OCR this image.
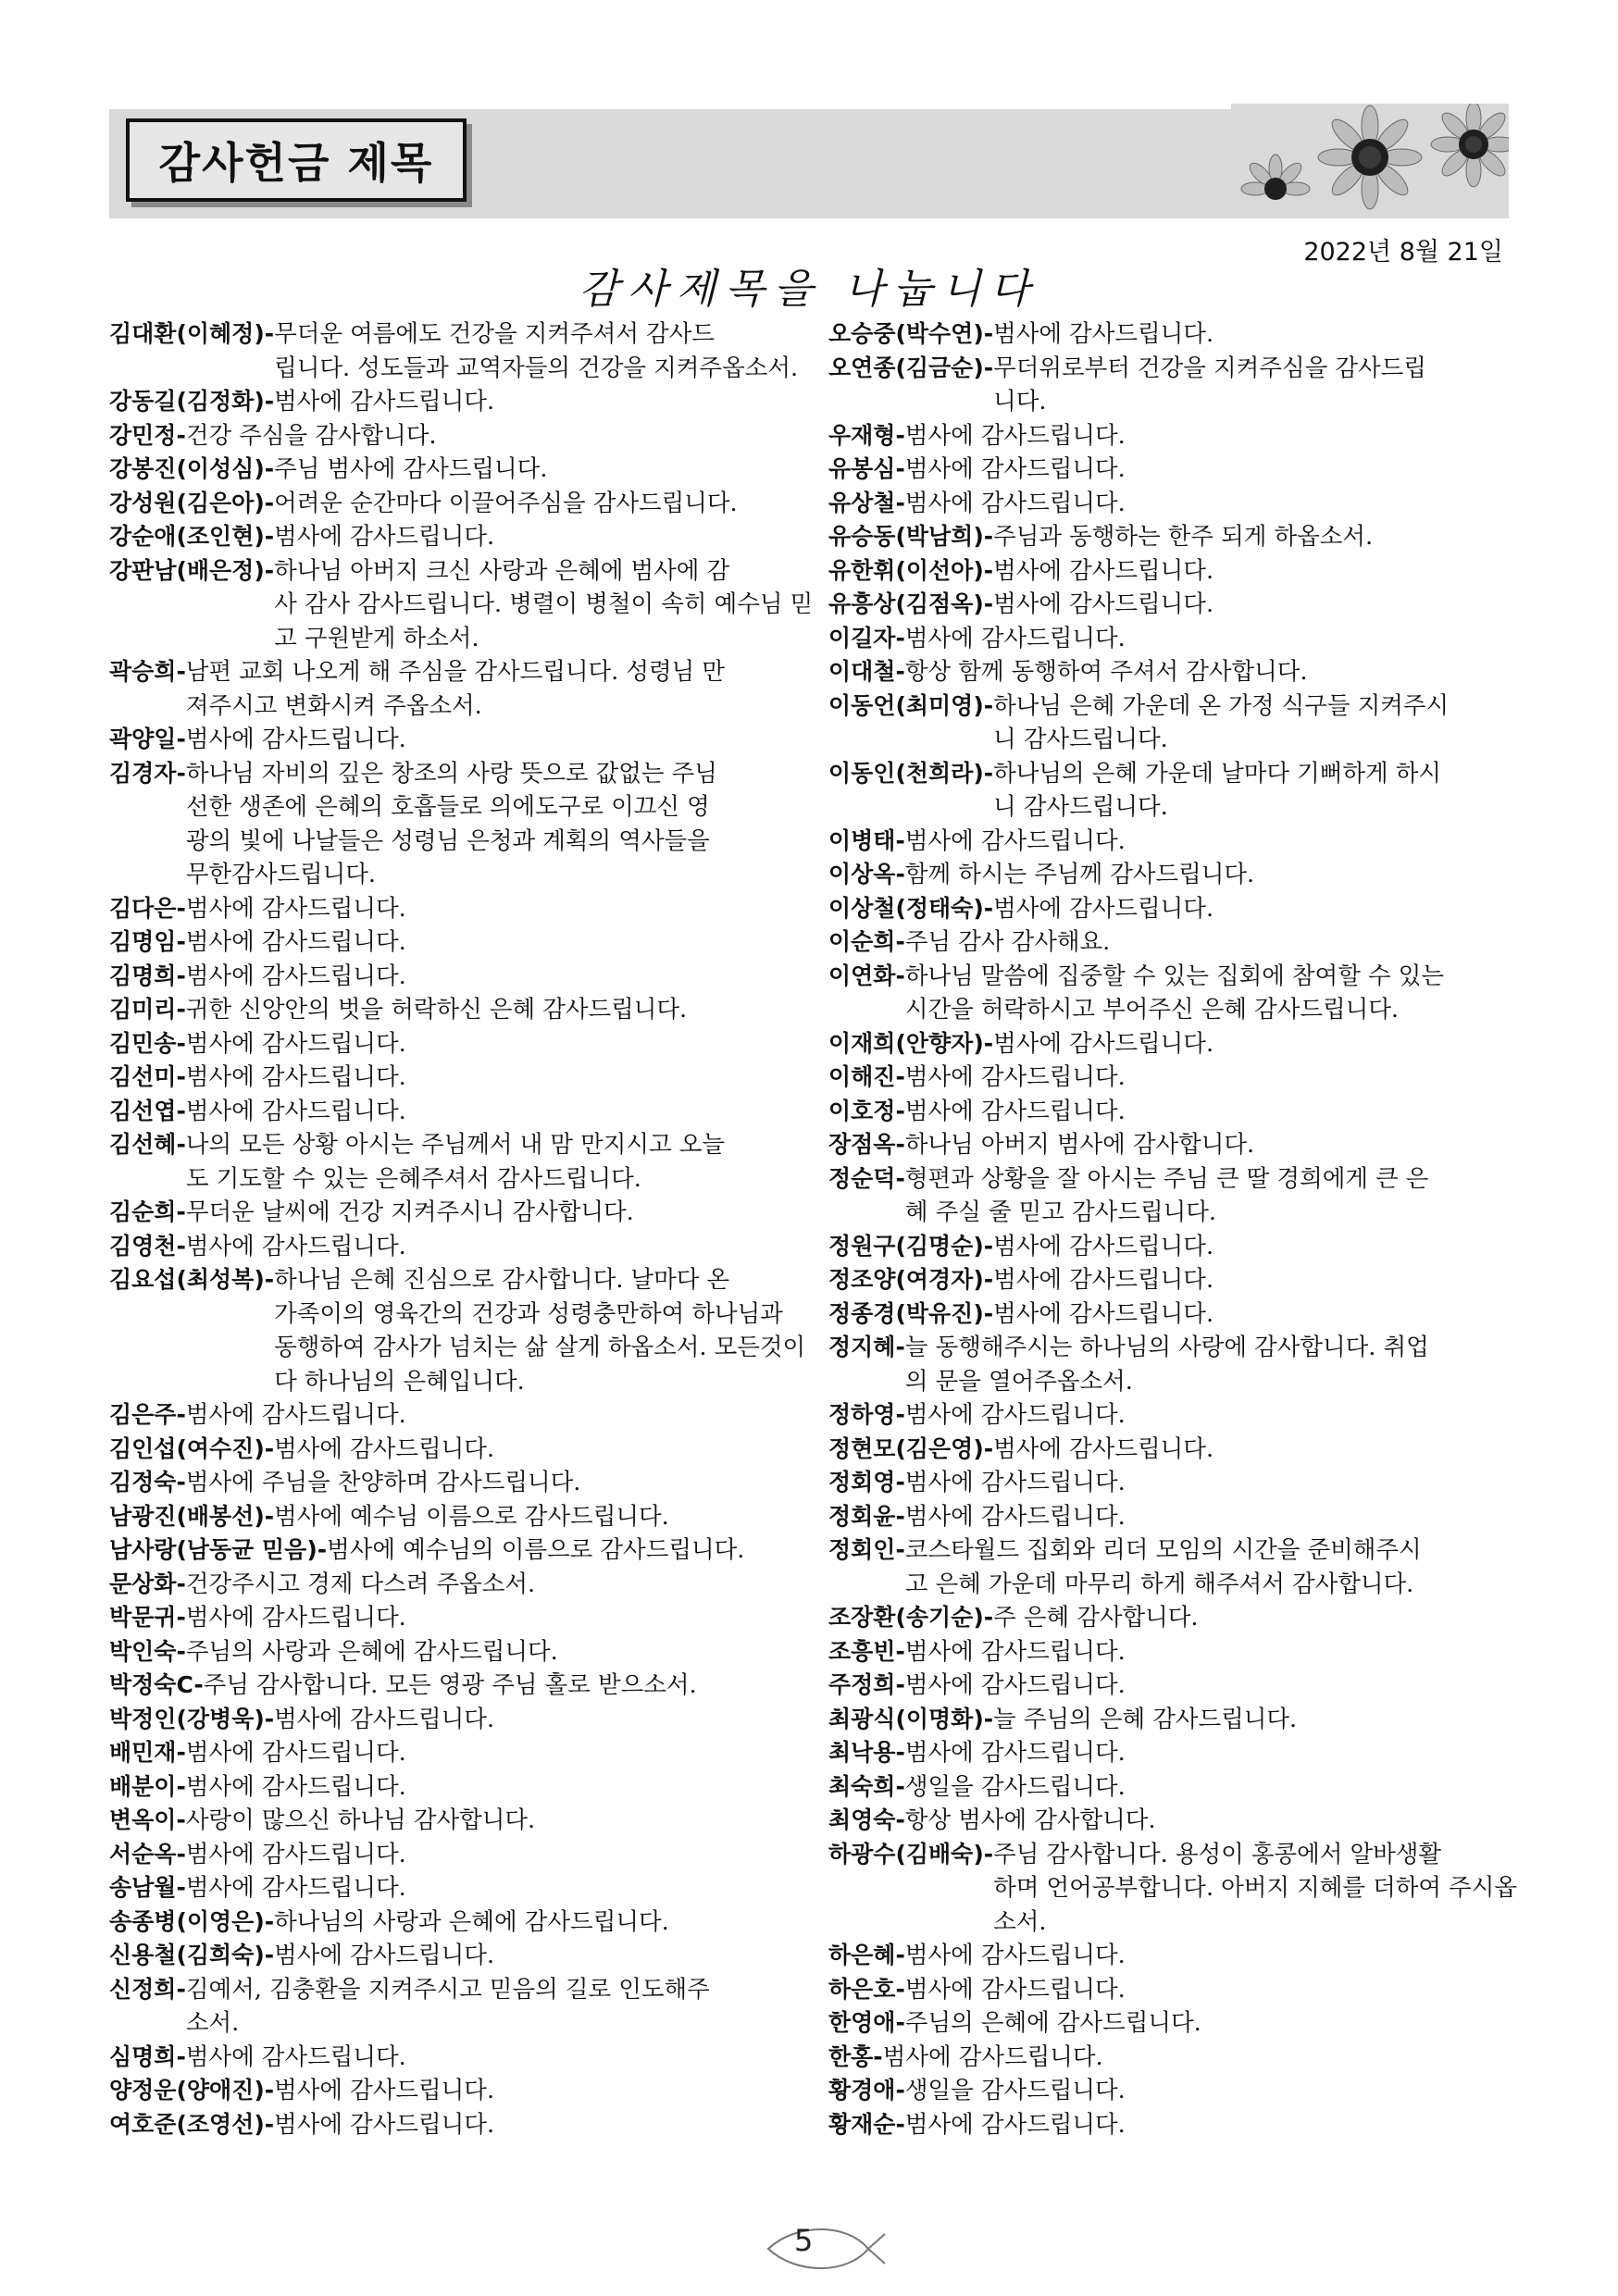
감사헌금 제목
2022년 8월 21일
감사제목을 나눕니다
김대환(이혜정)-무더운 여름에도 건강을 지켜주셔서 감사드
립니다. 성도들과 교역자들의 건강을 지켜주옵소서.
강동길(김정화)-범사에 감사드립니다.
강민정-건강 주심을 감사합니다.
강봉진(이성심)-주님 범사에 감사드립니다.
강성원(김은아)-어려운 순간마다 이끌어주심을 감사드립니다.
강순애(조인현)-범사에 감사드립니다.
강판남(배은정)-하나님 아버지 크신 사랑과 은혜에 범사에 감
사 감사 감사드립니다. 병렬이 병철이 속히 예수님 믿
고 구원받게 하소서.
곽승희-남편 교회 나오게 해 주심을 감사드립니다. 성령님 만
져주시고 변화시켜 주옵소서.
곽양일-범사에 감사드립니다.
김경자-하나님 자비의 깊은 창조의 사랑 뜻으로 값없는 주님
선한 생존에 은혜의 호흡들로 의에도구로 이끄신 영
광의 빛에 나날들은 성령님 은청과 계획의 역사들을
무한감사드립니다.
김다은-범사에 감사드립니다.
김명임-범사에 감사드립니다.
김명희-범사에 감사드립니다.
김미리-귀한 신앙안의 벗을 허락하신 은혜 감사드립니다.
김민송-범사에 감사드립니다.
김선미-범사에 감사드립니다.
김선엽-범사에 감사드립니다.
김선혜-나의 모든 상황 아시는 주님께서 내 맘 만지시고 오늘
도 기도할 수 있는 은혜주셔서 감사드립니다.
김순희-무더운 날씨에 건강 지켜주시니 감사합니다.
김영천-범사에 감사드립니다.
김요섭(최성복)-하나님 은혜 진심으로 감사합니다. 날마다 온
가족이의 영육간의 건강과 성령충만하여 하나님과
동행하여 감사가 넘치는 삶 살게 하옵소서. 모든것이
다 하나님의 은혜입니다.
김은주-범사에 감사드립니다.
김인섭(여수진)-범사에 감사드립니다.
김정숙-범사에 주님을 찬양하며 감사드립니다.
남광진(배봉선)-범사에 예수님 이름으로 감사드립니다.
남사랑(남동균 믿음)-범사에 예수님의 이름으로 감사드립니다.
문상화-건강주시고 경제 다스려 주옵소서.
박문귀-범사에 감사드립니다.
박인숙-주님의 사랑과 은혜에 감사드립니다.
박정숙C-주님 감사합니다. 모든 영광 주님 홀로 받으소서.
박정인(강병욱)-범사에 감사드립니다.
배민재-범사에 감사드립니다.
배분이-범사에 감사드립니다.
변옥이-사랑이 많으신 하나님 감사합니다.
서순옥-범사에 감사드립니다.
송남월-범사에 감사드립니다.
송종병(이영은)-하나님의 사랑과 은혜에 감사드립니다.
신용철(김희숙)-범사에 감사드립니다.
신정희-김예서, 김충환을 지켜주시고 믿음의 길로 인도해주
소서.
심명희-범사에 감사드립니다.
양정운(양애진)-범사에 감사드립니다.
여호준(조영선)-범사에 감사드립니다.
오승중(박수연)-범사에 감사드립니다.
오연종(김금순)-무더위로부터 건강을 지켜주심을 감사드립
니다.
우재형-범사에 감사드립니다.
유봉심-범사에 감사드립니다.
유상철-범사에 감사드립니다.
유승동(박남희)-주님과 동행하는 한주 되게 하옵소서.
유한휘(이선아)-범사에 감사드립니다.
유흥상(김점옥)-범사에 감사드립니다.
이길자-범사에 감사드립니다.
이대철-항상 함께 동행하여 주셔서 감사합니다.
이동언(최미영)-하나님 은혜 가운데 온 가정 식구들 지켜주시
니 감사드립니다.
이동인(천희라)-하나님의 은혜 가운데 날마다 기뻐하게 하시
니 감사드립니다.
이병태-범사에 감사드립니다.
이상옥-함께 하시는 주님께 감사드립니다.
이상철(정태숙)-범사에 감사드립니다.
이순희-주님 감사 감사해요.
이연화-하나님 말씀에 집중할 수 있는 집회에 참여할 수 있는
시간을 허락하시고 부어주신 은혜 감사드립니다.
이재희(안향자)-범사에 감사드립니다.
이해진-범사에 감사드립니다.
이호정-범사에 감사드립니다.
장점옥-하나님 아버지 범사에 감사합니다.
정순덕-형편과 상황을 잘 아시는 주님 큰 딸 경희에게 큰 은
혜 주실 줄 믿고 감사드립니다.
정원구(김명순)-범사에 감사드립니다.
정조양(여경자)-범사에 감사드립니다.
정종경(박유진)-범사에 감사드립니다.
정지혜-늘 동행해주시는 하나님의 사랑에 감사합니다. 취업
의 문을 열어주옵소서.
정하영-범사에 감사드립니다.
정현모(김은영)-범사에 감사드립니다.
정회영-범사에 감사드립니다.
정회윤-범사에 감사드립니다.
정회인-코스타월드 집회와 리더 모임의 시간을 준비해주시
고 은혜 가운데 마무리 하게 해주셔서 감사합니다.
조장환(송기순)-주 은혜 감사합니다.
조흥빈-범사에 감사드립니다.
주정희-범사에 감사드립니다.
최광식(이명화)-늘 주님의 은혜 감사드립니다.
최낙용-범사에 감사드립니다.
최숙희-생일을 감사드립니다.
최영숙-항상 범사에 감사합니다.
하광수(김배숙)-주님 감사합니다. 용성이 홍콩에서 알바생활
하며 언어공부합니다. 아버지 지혜를 더하여 주시옵
소서.
하은혜-범사에 감사드립니다.
하은호-범사에 감사드립니다.
한영애-주님의 은혜에 감사드립니다.
한홍-범사에 감사드립니다.
황경애-생일을 감사드립니다.
황재순-범사에 감사드립니다.
5
